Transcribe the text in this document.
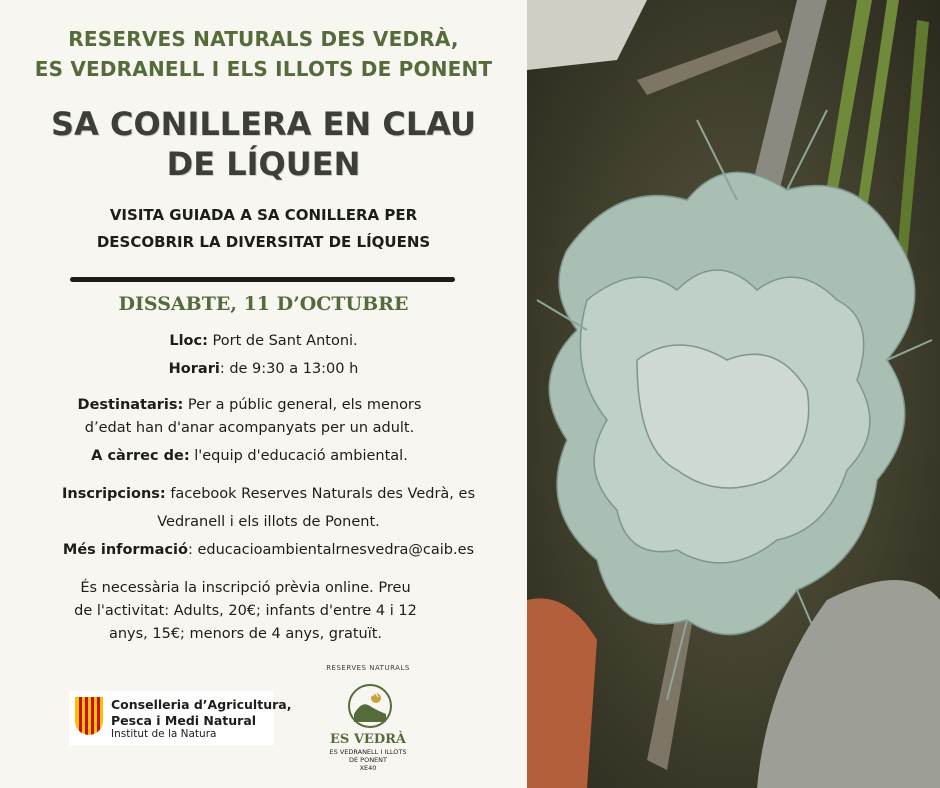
RESERVES NATURALS DES VEDRÀ,
ES VEDRANELL I ELS ILLOTS DE PONENT
SA CONILLERA EN CLAU
DE LÍQUEN
VISITA GUIADA A SA CONILLERA PER
DESCOBRIR LA DIVERSITAT DE LÍQUENS
DISSABTE, 11 D’OCTUBRE
Lloc: Port de Sant Antoni.
Horari: de 9:30 a 13:00 h
Destinataris: Per a públic general, els menors
d’edat han d'anar acompanyats per un adult.
A càrrec de: l'equip d'educació ambiental.
Inscripcions: facebook Reserves Naturals des Vedrà, es
Vedranell i els illots de Ponent.
Més informació: educacioambientalrnesvedra@caib.es
És necessària la inscripció prèvia online. Preu
de l'activitat: Adults, 20€; infants d'entre 4 i 12
anys, 15€; menors de 4 anys, gratuït.
Conselleria d’Agricultura,
Pesca i Medi Natural
Institut de la Natura
RESERVES NATURALS
ES VEDRÀ
ES VEDRANELL I ILLOTS
DE PONENT
XE40
